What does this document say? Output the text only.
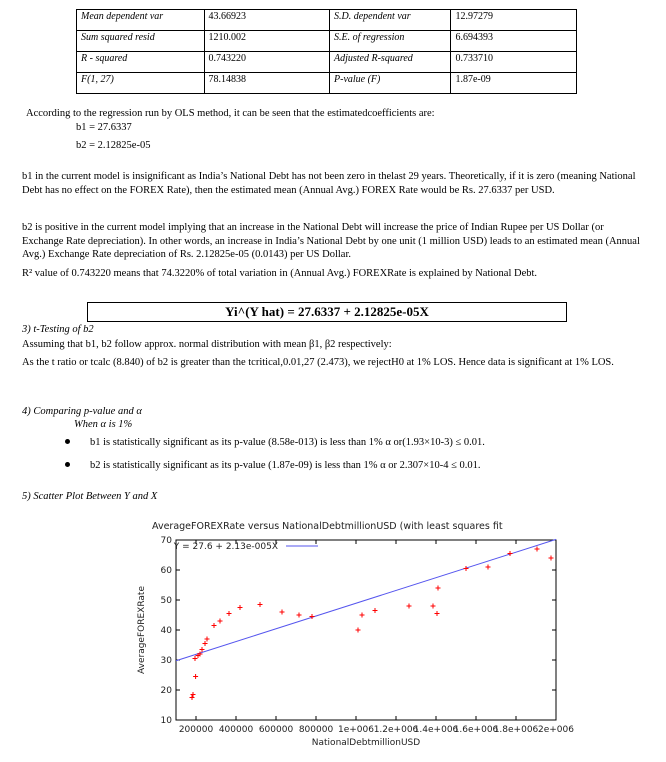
Mean dependent var	43.66923	S.D. dependent var	12.97279
Sum squared resid	1210.002	S.E. of regression	6.694393
R - squared	0.743220	Adjusted R-squared	0.733710
F(1, 27)	78.14838	P-value (F)	1.87e-09
According to the regression run by OLS method, it can be seen that the estimatedcoefficients are:
b1 = 27.6337
b2 = 2.12825e-05
b1 in the current model is insignificant as India’s National Debt has not been zero in thelast 29 years. Theoretically, if it is zero (meaning National Debt has no effect on the FOREX Rate), then the estimated mean (Annual Avg.) FOREX Rate would be Rs. 27.6337 per USD.
b2 is positive in the current model implying that an increase in the National Debt will increase the price of Indian Rupee per US Dollar (or Exchange Rate depreciation). In other words, an increase in India’s National Debt by one unit (1 million USD) leads to an estimated mean (Annual Avg.) Exchange Rate depreciation of Rs. 2.12825e-05 (0.0143) per US Dollar.
R² value of 0.743220 means that 74.3220% of total variation in (Annual Avg.) FOREXRate is explained by National Debt.
Yi^(Y hat) = 27.6337 + 2.12825e-05X
3) t-Testing of b2
Assuming that b1, b2 follow approx. normal distribution with mean β1, β2 respectively:
As the t ratio or tcalc (8.840) of b2 is greater than the tcritical,0.01,27 (2.473), we rejectH0 at 1% LOS. Hence data is significant at 1% LOS.
4) Comparing p-value and α
When α is 1%
b1 is statistically significant as its p-value (8.58e-013) is less than 1% α or(1.93×10-3) ≤ 0.01.
b2 is statistically significant as its p-value (1.87e-09) is less than 1% α or 2.307×10-4 ≤ 0.01.
5) Scatter Plot Between Y and X
AverageFOREXRate versus NationalDebtmillionUSD (with least squares fit
10
20
30
40
50
60
70
200000 400000 600000 800000 1e+006 1.2e+006
1.4e+006
1.6e+006
1.8e+006 2e+006
NationalDebtmillionUSD
AverageFOREXRate
Y = 27.6 + 2.13e-005X
